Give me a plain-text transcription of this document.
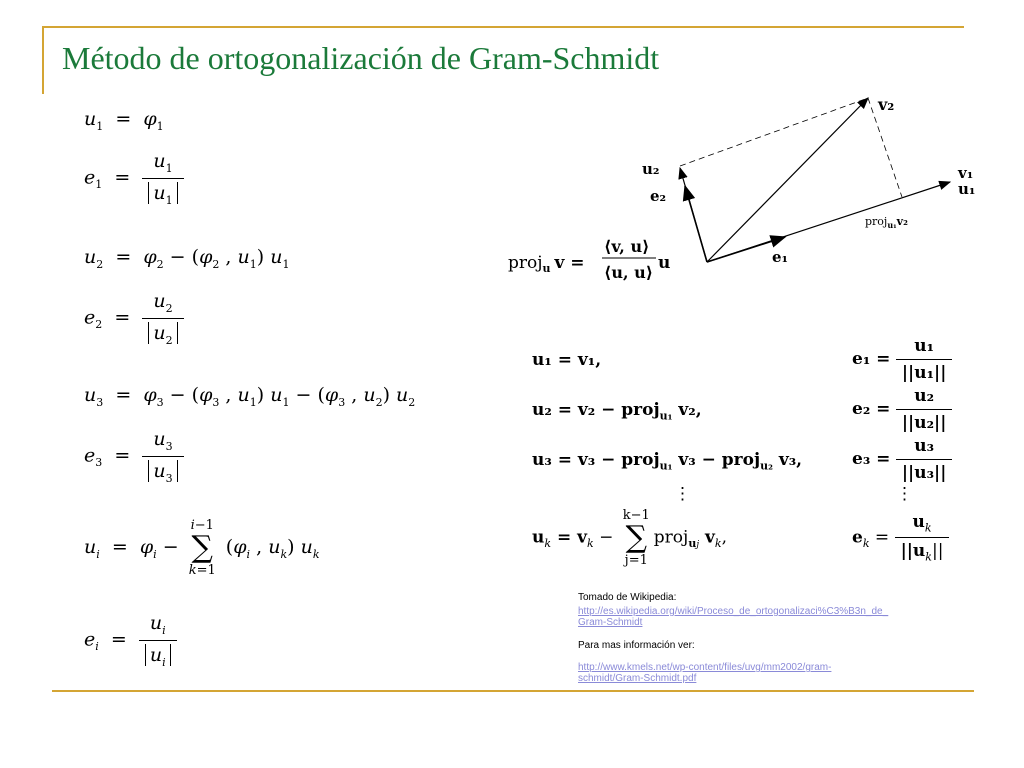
Método de ortogonalización de Gram-Schmidt
$u_1 = \varphi_1$
$e_1 = \frac{u_1}{u_1}$
$u_2 = \varphi_2 - (\varphi_2$ , $u_1$) $u_1$
$e_2 = \frac{u_2}{u_2}$
$u_3 = \varphi_3 - (\varphi_3$ , $u_1$) $u_1 - (\varphi_3$ , $u_2$) $u_2$
$e_3 = \frac{u_3}{u_3}$
$u_i = \varphi_i - i-1$
∑
k=1 ($\varphi_i$ , $u_k$) $u_k$
$e_i = \frac{u_i}{u_i}$
v₂
u₂
e₂
v₁
u₁
e₁
proj$_{u_1}$v₂
proj$_u$ v =
⟨v, u⟩
⟨u, u⟩ u
u₁ = v₁,	$e_1 = \frac{\text{u₁}}{\text{||u₁||}}$
u₂ = v₂ − proj$_{u_1}$ v₂,	$e_2 = \frac{\text{u₂}}{\text{||u₂||}}$
u₃ = v₃ − proj$_{u_1}$ v₃ − proj$_{u_2}$ v₃,	$e_3 = \frac{\text{u₃}}{\text{||u₃||}}$
⋮	⋮
$u_k = v_k - k-1$
∑
j=1proj$_{uj}$ $v_k$,	$e_k = \frac{u_k}{||u_k||}$
Tomado de Wikipedia:
http://es.wikipedia.org/wiki/Proceso_de_ortogonalizaci%C3%B3n_de_
Gram-Schmidt
Para mas información ver:
http://www.kmels.net/wp-content/files/uvg/mm2002/gram-
schmidt/Gram-Schmidt.pdf
